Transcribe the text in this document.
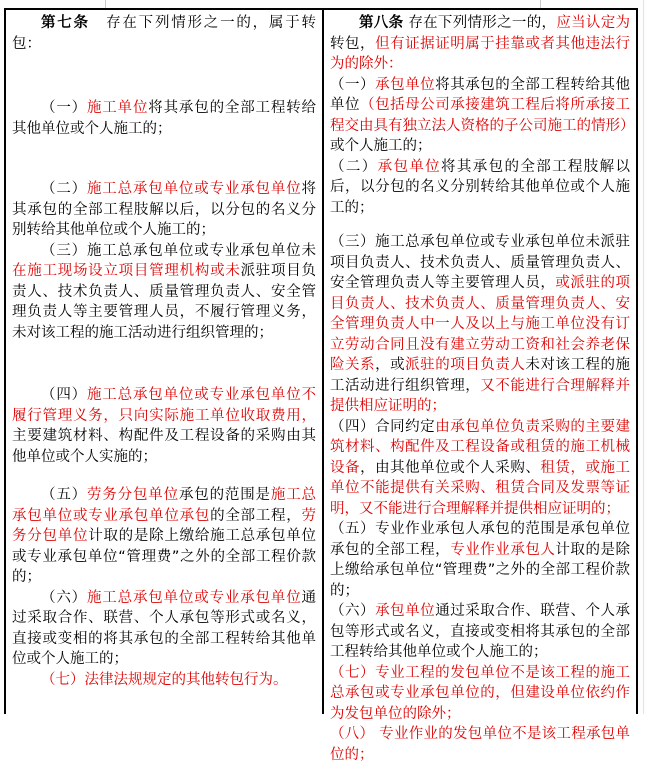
第七条　存在下列情形之一的，属于转包：

（一）施工单位将其承包的全部工程转给其他单位或个人施工的；

（二）施工总承包单位或专业承包单位将其承包的全部工程肢解以后，以分包的名义分别转给其他单位或个人施工的；

（三）施工总承包单位或专业承包单位未在施工现场设立项目管理机构或未派驻项目负责人、技术负责人、质量管理负责人、安全管理负责人等主要管理人员，不履行管理义务，未对该工程的施工活动进行组织管理的；

（四）施工总承包单位或专业承包单位不履行管理义务，只向实际施工单位收取费用，主要建筑材料、构配件及工程设备的采购由其他单位或个人实施的；

（五）劳务分包单位承包的范围是施工总承包单位或专业承包单位承包的全部工程，劳务分包单位计取的是除上缴给施工总承包单位或专业承包单位“管理费”之外的全部工程价款的；

（六）施工总承包单位或专业承包单位通过采取合作、联营、个人承包等形式或名义，直接或变相的将其承包的全部工程转给其他单位或个人施工的；

（七）法律法规规定的其他转包行为。

第八条 存在下列情形之一的，应当认定为转包，但有证据证明属于挂靠或者其他违法行为的除外：

（一）承包单位将其承包的全部工程转给其他单位（包括母公司承接建筑工程后将所承接工程交由具有独立法人资格的子公司施工的情形）或个人施工的；

（二）承包单位将其承包的全部工程肢解以后，以分包的名义分别转给其他单位或个人施工的；

（三）施工总承包单位或专业承包单位未派驻项目负责人、技术负责人、质量管理负责人、安全管理负责人等主要管理人员，或派驻的项目负责人、技术负责人、质量管理负责人、安全管理负责人中一人及以上与施工单位没有订立劳动合同且没有建立劳动工资和社会养老保险关系，或派驻的项目负责人未对该工程的施工活动进行组织管理，又不能进行合理解释并提供相应证明的；

（四）合同约定由承包单位负责采购的主要建筑材料、构配件及工程设备或租赁的施工机械设备，由其他单位或个人采购、租赁，或施工单位不能提供有关采购、租赁合同及发票等证明，又不能进行合理解释并提供相应证明的；

（五）专业作业承包人承包的范围是承包单位承包的全部工程，专业作业承包人计取的是除上缴给承包单位“管理费”之外的全部工程价款的；

（六）承包单位通过采取合作、联营、个人承包等形式或名义，直接或变相将其承包的全部工程转给其他单位或个人施工的；

（七）专业工程的发包单位不是该工程的施工总承包或专业承包单位的，但建设单位依约作为发包单位的除外；

（八） 专业作业的发包单位不是该工程承包单位的；
